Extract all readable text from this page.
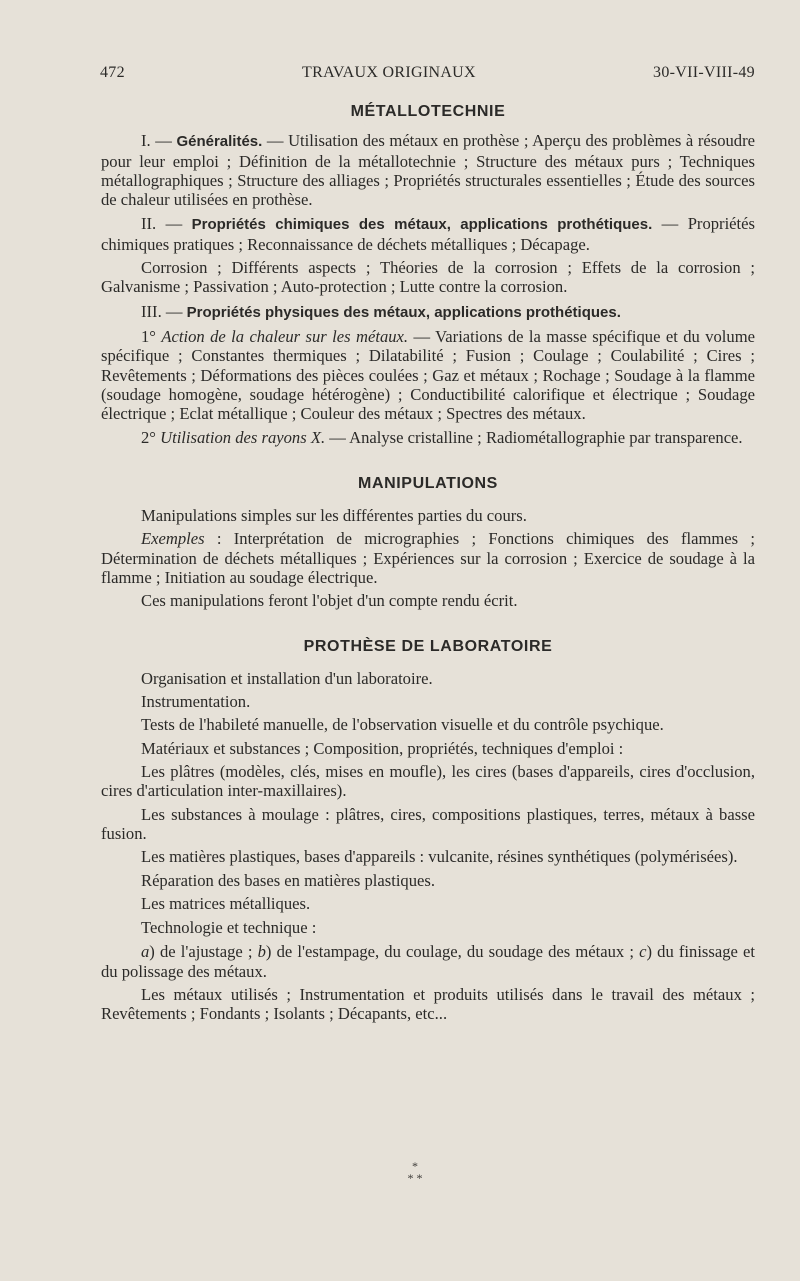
472	TRAVAUX ORIGINAUX	30-VII-VIII-49
MÉTALLOTECHNIE

I. — Généralités. — Utilisation des métaux en prothèse ; Aperçu des problèmes à résoudre pour leur emploi ; Définition de la métallotechnie ; Structure des métaux purs ; Techniques métallographiques ; Structure des alliages ; Propriétés structurales essentielles ; Étude des sources de chaleur utilisées en prothèse.

II. — Propriétés chimiques des métaux, applications prothétiques. — Propriétés chimiques pratiques ; Reconnaissance de déchets métalliques ; Décapage.

Corrosion ; Différents aspects ; Théories de la corrosion ; Effets de la corrosion ; Galvanisme ; Passivation ; Auto-protection ; Lutte contre la corrosion.

III. — Propriétés physiques des métaux, applications prothétiques.

1° Action de la chaleur sur les métaux. — Variations de la masse spécifique et du volume spécifique ; Constantes thermiques ; Dilatabilité ; Fusion ; Coulage ; Coulabilité ; Cires ; Revêtements ; Déformations des pièces coulées ; Gaz et métaux ; Rochage ; Soudage à la flamme (soudage homogène, soudage hétérogène) ; Conductibilité calorifique et électrique ; Soudage électrique ; Eclat métallique ; Couleur des métaux ; Spectres des métaux.

2° Utilisation des rayons X. — Analyse cristalline ; Radiométallographie par transparence.

MANIPULATIONS

Manipulations simples sur les différentes parties du cours.

Exemples : Interprétation de micrographies ; Fonctions chimiques des flammes ; Détermination de déchets métalliques ; Expériences sur la corrosion ; Exercice de soudage à la flamme ; Initiation au soudage électrique.

Ces manipulations feront l'objet d'un compte rendu écrit.

PROTHÈSE DE LABORATOIRE

Organisation et installation d'un laboratoire.

Instrumentation.

Tests de l'habileté manuelle, de l'observation visuelle et du contrôle psychique.

Matériaux et substances ; Composition, propriétés, techniques d'emploi :

Les plâtres (modèles, clés, mises en moufle), les cires (bases d'appareils, cires d'occlusion, cires d'articulation inter-maxillaires).

Les substances à moulage : plâtres, cires, compositions plastiques, terres, métaux à basse fusion.

Les matières plastiques, bases d'appareils : vulcanite, résines synthétiques (polymérisées).

Réparation des bases en matières plastiques.

Les matrices métalliques.

Technologie et technique :

a) de l'ajustage ; b) de l'estampage, du coulage, du soudage des métaux ; c) du finissage et du polissage des métaux.

Les métaux utilisés ; Instrumentation et produits utilisés dans le travail des métaux ; Revêtements ; Fondants ; Isolants ; Décapants, etc...

*
* *
